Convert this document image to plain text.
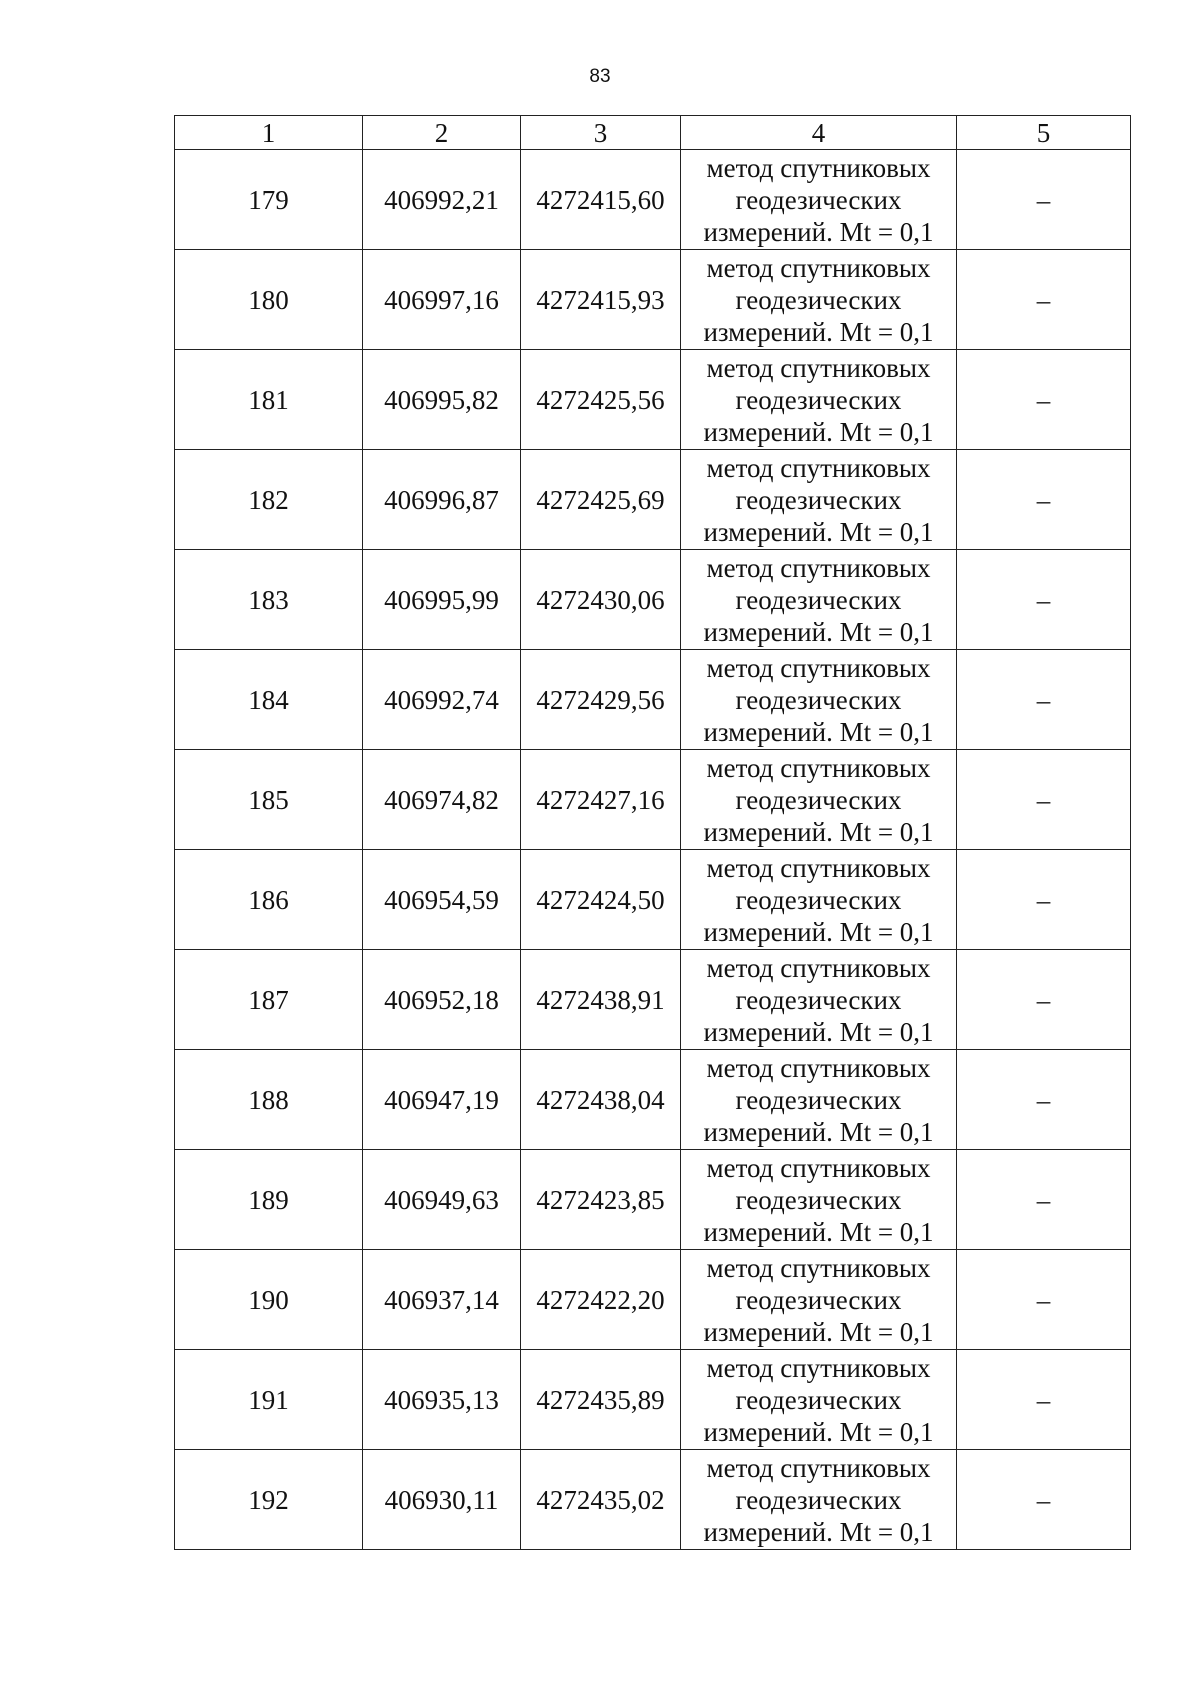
83
1	2	3	4	5
179	406992,21	4272415,60	метод спутниковых геодезических измерений. Mt = 0,1	–
180	406997,16	4272415,93	метод спутниковых геодезических измерений. Mt = 0,1	–
181	406995,82	4272425,56	метод спутниковых геодезических измерений. Mt = 0,1	–
182	406996,87	4272425,69	метод спутниковых геодезических измерений. Mt = 0,1	–
183	406995,99	4272430,06	метод спутниковых геодезических измерений. Mt = 0,1	–
184	406992,74	4272429,56	метод спутниковых геодезических измерений. Mt = 0,1	–
185	406974,82	4272427,16	метод спутниковых геодезических измерений. Mt = 0,1	–
186	406954,59	4272424,50	метод спутниковых геодезических измерений. Mt = 0,1	–
187	406952,18	4272438,91	метод спутниковых геодезических измерений. Mt = 0,1	–
188	406947,19	4272438,04	метод спутниковых геодезических измерений. Mt = 0,1	–
189	406949,63	4272423,85	метод спутниковых геодезических измерений. Mt = 0,1	–
190	406937,14	4272422,20	метод спутниковых геодезических измерений. Mt = 0,1	–
191	406935,13	4272435,89	метод спутниковых геодезических измерений. Mt = 0,1	–
192	406930,11	4272435,02	метод спутниковых геодезических измерений. Mt = 0,1	–
